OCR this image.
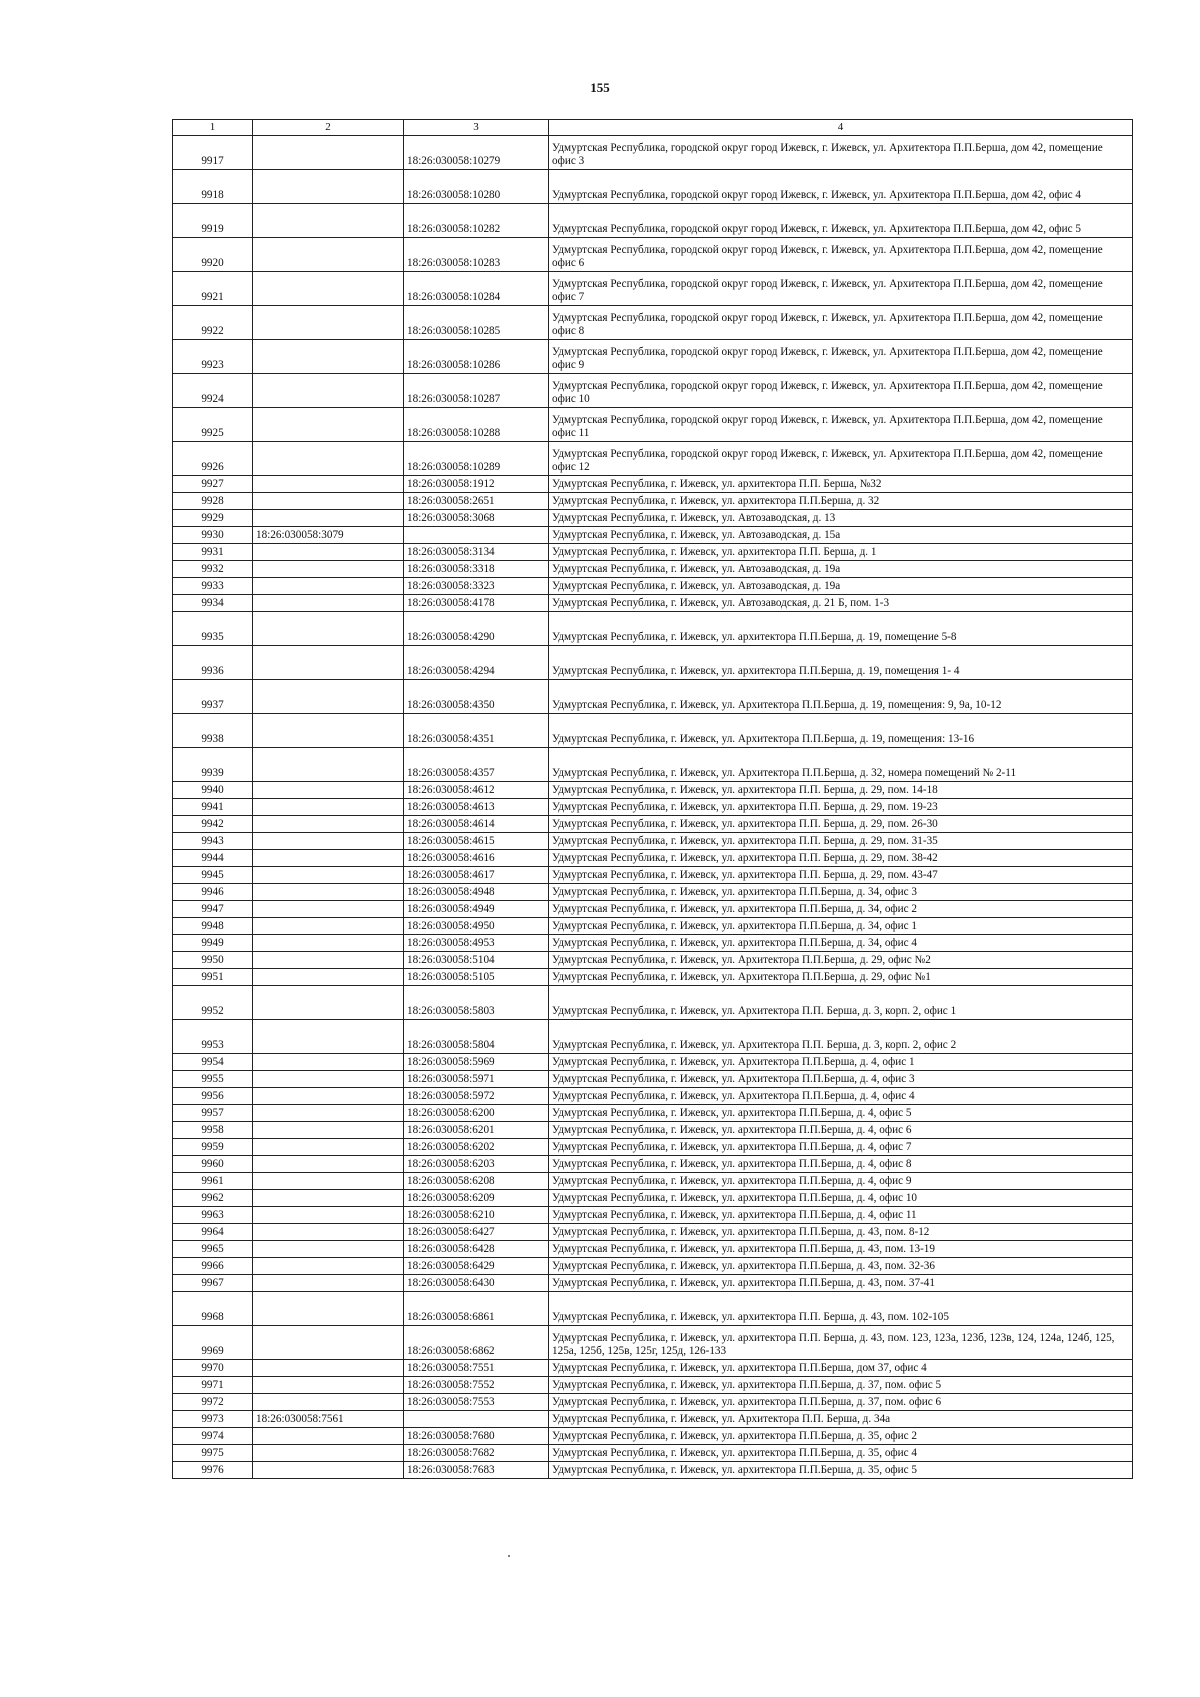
155
1	2	3	4
9917		18:26:030058:10279	Удмуртская Республика, городской округ город Ижевск, г. Ижевск, ул. Архитектора П.П.Берша, дом 42, помещение офис 3
9918		18:26:030058:10280	Удмуртская Республика, городской округ город Ижевск, г. Ижевск, ул. Архитектора П.П.Берша, дом 42, офис 4
9919		18:26:030058:10282	Удмуртская Республика, городской округ город Ижевск, г. Ижевск, ул. Архитектора П.П.Берша, дом 42, офис 5
9920		18:26:030058:10283	Удмуртская Республика, городской округ город Ижевск, г. Ижевск, ул. Архитектора П.П.Берша, дом 42, помещение офис 6
9921		18:26:030058:10284	Удмуртская Республика, городской округ город Ижевск, г. Ижевск, ул. Архитектора П.П.Берша, дом 42, помещение офис 7
9922		18:26:030058:10285	Удмуртская Республика, городской округ город Ижевск, г. Ижевск, ул. Архитектора П.П.Берша, дом 42, помещение офис 8
9923		18:26:030058:10286	Удмуртская Республика, городской округ город Ижевск, г. Ижевск, ул. Архитектора П.П.Берша, дом 42, помещение офис 9
9924		18:26:030058:10287	Удмуртская Республика, городской округ город Ижевск, г. Ижевск, ул. Архитектора П.П.Берша, дом 42, помещение офис 10
9925		18:26:030058:10288	Удмуртская Республика, городской округ город Ижевск, г. Ижевск, ул. Архитектора П.П.Берша, дом 42, помещение офис 11
9926		18:26:030058:10289	Удмуртская Республика, городской округ город Ижевск, г. Ижевск, ул. Архитектора П.П.Берша, дом 42, помещение офис 12
9927		18:26:030058:1912	Удмуртская Республика, г. Ижевск, ул. архитектора П.П. Берша, №32
9928		18:26:030058:2651	Удмуртская Республика, г. Ижевск, ул. архитектора П.П.Берша, д. 32
9929		18:26:030058:3068	Удмуртская Республика, г. Ижевск, ул. Автозаводская, д. 13
9930	18:26:030058:3079		Удмуртская Республика, г. Ижевск, ул. Автозаводская, д. 15а
9931		18:26:030058:3134	Удмуртская Республика, г. Ижевск, ул. архитектора П.П. Берша, д. 1
9932		18:26:030058:3318	Удмуртская Республика, г. Ижевск, ул. Автозаводская, д. 19а
9933		18:26:030058:3323	Удмуртская Республика, г. Ижевск, ул. Автозаводская, д. 19а
9934		18:26:030058:4178	Удмуртская Республика, г. Ижевск, ул. Автозаводская, д. 21 Б, пом. 1-3
9935		18:26:030058:4290	Удмуртская Республика, г. Ижевск, ул. архитектора П.П.Берша, д. 19, помещение 5-8
9936		18:26:030058:4294	Удмуртская Республика, г. Ижевск, ул. архитектора П.П.Берша, д. 19, помещения 1- 4
9937		18:26:030058:4350	Удмуртская Республика, г. Ижевск, ул. Архитектора П.П.Берша, д. 19, помещения: 9, 9а, 10-12
9938		18:26:030058:4351	Удмуртская Республика, г. Ижевск, ул. Архитектора П.П.Берша, д. 19, помещения: 13-16
9939		18:26:030058:4357	Удмуртская Республика, г. Ижевск, ул. Архитектора П.П.Берша, д. 32, номера помещений № 2-11
9940		18:26:030058:4612	Удмуртская Республика, г. Ижевск, ул. архитектора П.П. Берша, д. 29, пом. 14-18
9941		18:26:030058:4613	Удмуртская Республика, г. Ижевск, ул. архитектора П.П. Берша, д. 29, пом. 19-23
9942		18:26:030058:4614	Удмуртская Республика, г. Ижевск, ул. архитектора П.П. Берша, д. 29, пом. 26-30
9943		18:26:030058:4615	Удмуртская Республика, г. Ижевск, ул. архитектора П.П. Берша, д. 29, пом. 31-35
9944		18:26:030058:4616	Удмуртская Республика, г. Ижевск, ул. архитектора П.П. Берша, д. 29, пом. 38-42
9945		18:26:030058:4617	Удмуртская Республика, г. Ижевск, ул. архитектора П.П. Берша, д. 29, пом. 43-47
9946		18:26:030058:4948	Удмуртская Республика, г. Ижевск, ул. архитектора П.П.Берша, д. 34, офис 3
9947		18:26:030058:4949	Удмуртская Республика, г. Ижевск, ул. архитектора П.П.Берша, д. 34, офис 2
9948		18:26:030058:4950	Удмуртская Республика, г. Ижевск, ул. архитектора П.П.Берша, д. 34, офис 1
9949		18:26:030058:4953	Удмуртская Республика, г. Ижевск, ул. архитектора П.П.Берша, д. 34, офис 4
9950		18:26:030058:5104	Удмуртская Республика, г. Ижевск, ул. Архитектора П.П.Берша, д. 29, офис №2
9951		18:26:030058:5105	Удмуртская Республика, г. Ижевск, ул. Архитектора П.П.Берша, д. 29, офис №1
9952		18:26:030058:5803	Удмуртская Республика, г. Ижевск, ул. Архитектора П.П. Берша, д. 3, корп. 2, офис 1
9953		18:26:030058:5804	Удмуртская Республика, г. Ижевск, ул. Архитектора П.П. Берша, д. 3, корп. 2, офис 2
9954		18:26:030058:5969	Удмуртская Республика, г. Ижевск, ул. Архитектора П.П.Берша, д. 4, офис 1
9955		18:26:030058:5971	Удмуртская Республика, г. Ижевск, ул. Архитектора П.П.Берша, д. 4, офис 3
9956		18:26:030058:5972	Удмуртская Республика, г. Ижевск, ул. Архитектора П.П.Берша, д. 4, офис 4
9957		18:26:030058:6200	Удмуртская Республика, г. Ижевск, ул. архитектора П.П.Берша, д. 4, офис 5
9958		18:26:030058:6201	Удмуртская Республика, г. Ижевск, ул. архитектора П.П.Берша, д. 4, офис 6
9959		18:26:030058:6202	Удмуртская Республика, г. Ижевск, ул. архитектора П.П.Берша, д. 4, офис 7
9960		18:26:030058:6203	Удмуртская Республика, г. Ижевск, ул. архитектора П.П.Берша, д. 4, офис 8
9961		18:26:030058:6208	Удмуртская Республика, г. Ижевск, ул. архитектора П.П.Берша, д. 4, офис 9
9962		18:26:030058:6209	Удмуртская Республика, г. Ижевск, ул. архитектора П.П.Берша, д. 4, офис 10
9963		18:26:030058:6210	Удмуртская Республика, г. Ижевск, ул. архитектора П.П.Берша, д. 4, офис 11
9964		18:26:030058:6427	Удмуртская Республика, г. Ижевск, ул. архитектора П.П.Берша, д. 43, пом. 8-12
9965		18:26:030058:6428	Удмуртская Республика, г. Ижевск, ул. архитектора П.П.Берша, д. 43, пом. 13-19
9966		18:26:030058:6429	Удмуртская Республика, г. Ижевск, ул. архитектора П.П.Берша, д. 43, пом. 32-36
9967		18:26:030058:6430	Удмуртская Республика, г. Ижевск, ул. архитектора П.П.Берша, д. 43, пом. 37-41
9968		18:26:030058:6861	Удмуртская Республика, г. Ижевск, ул. архитектора П.П. Берша, д. 43, пом. 102-105
9969		18:26:030058:6862	Удмуртская Республика, г. Ижевск, ул. архитектора П.П. Берша, д. 43, пом. 123, 123а, 123б, 123в, 124, 124а, 124б, 125, 125а, 125б, 125в, 125г, 125д, 126-133
9970		18:26:030058:7551	Удмуртская Республика, г. Ижевск, ул. архитектора П.П.Берша, дом 37, офис 4
9971		18:26:030058:7552	Удмуртская Республика, г. Ижевск, ул. архитектора П.П.Берша, д. 37, пом. офис 5
9972		18:26:030058:7553	Удмуртская Республика, г. Ижевск, ул. архитектора П.П.Берша, д. 37, пом. офис 6
9973	18:26:030058:7561		Удмуртская Республика, г. Ижевск, ул. Архитектора П.П. Берша, д. 34а
9974		18:26:030058:7680	Удмуртская Республика, г. Ижевск, ул. архитектора П.П.Берша, д. 35, офис 2
9975		18:26:030058:7682	Удмуртская Республика, г. Ижевск, ул. архитектора П.П.Берша, д. 35, офис 4
9976		18:26:030058:7683	Удмуртская Республика, г. Ижевск, ул. архитектора П.П.Берша, д. 35, офис 5
